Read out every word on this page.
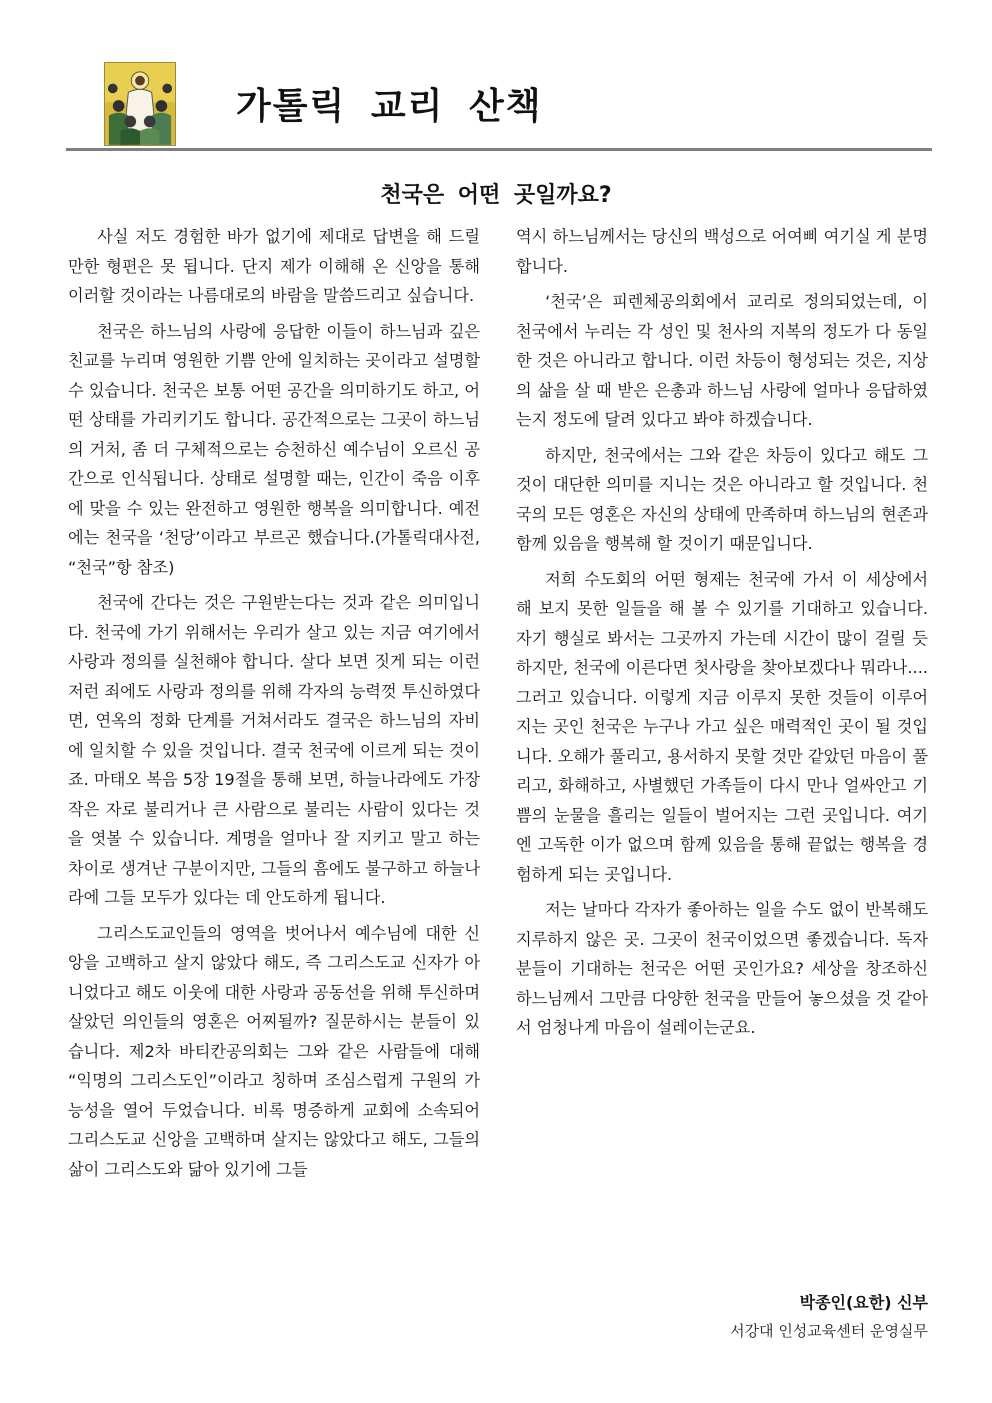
가톨릭 교리 산책
천국은 어떤 곳일까요?

사실 저도 경험한 바가 없기에 제대로 답변을 해 드릴 만한 형편은 못 됩니다. 단지 제가 이해해 온 신앙을 통해 이러할 것이라는 나름대로의 바람을 말씀드리고 싶습니다.

천국은 하느님의 사랑에 응답한 이들이 하느님과 깊은 친교를 누리며 영원한 기쁨 안에 일치하는 곳이라고 설명할 수 있습니다. 천국은 보통 어떤 공간을 의미하기도 하고, 어떤 상태를 가리키기도 합니다. 공간적으로는 그곳이 하느님의 거처, 좀 더 구체적으로는 승천하신 예수님이 오르신 공간으로 인식됩니다. 상태로 설명할 때는, 인간이 죽음 이후에 맞을 수 있는 완전하고 영원한 행복을 의미합니다. 예전에는 천국을 ‘천당’이라고 부르곤 했습니다.(가톨릭대사전, “천국”항 참조)

천국에 간다는 것은 구원받는다는 것과 같은 의미입니다. 천국에 가기 위해서는 우리가 살고 있는 지금 여기에서 사랑과 정의를 실천해야 합니다. 살다 보면 짓게 되는 이런저런 죄에도 사랑과 정의를 위해 각자의 능력껏 투신하였다면, 연옥의 정화 단계를 거쳐서라도 결국은 하느님의 자비에 일치할 수 있을 것입니다. 결국 천국에 이르게 되는 것이죠. 마태오 복음 5장 19절을 통해 보면, 하늘나라에도 가장 작은 자로 불리거나 큰 사람으로 불리는 사람이 있다는 것을 엿볼 수 있습니다. 계명을 얼마나 잘 지키고 말고 하는 차이로 생겨난 구분이지만, 그들의 흠에도 불구하고 하늘나라에 그들 모두가 있다는 데 안도하게 됩니다.

그리스도교인들의 영역을 벗어나서 예수님에 대한 신앙을 고백하고 살지 않았다 해도, 즉 그리스도교 신자가 아니었다고 해도 이웃에 대한 사랑과 공동선을 위해 투신하며 살았던 의인들의 영혼은 어찌될까? 질문하시는 분들이 있습니다. 제2차 바티칸공의회는 그와 같은 사람들에 대해 “익명의 그리스도인”이라고 칭하며 조심스럽게 구원의 가능성을 열어 두었습니다. 비록 명증하게 교회에 소속되어 그리스도교 신앙을 고백하며 살지는 않았다고 해도, 그들의 삶이 그리스도와 닮아 있기에 그들

역시 하느님께서는 당신의 백성으로 어여삐 여기실 게 분명합니다.

‘천국’은 피렌체공의회에서 교리로 정의되었는데, 이 천국에서 누리는 각 성인 및 천사의 지복의 정도가 다 동일한 것은 아니라고 합니다. 이런 차등이 형성되는 것은, 지상의 삶을 살 때 받은 은총과 하느님 사랑에 얼마나 응답하였는지 정도에 달려 있다고 봐야 하겠습니다.

하지만, 천국에서는 그와 같은 차등이 있다고 해도 그것이 대단한 의미를 지니는 것은 아니라고 할 것입니다. 천국의 모든 영혼은 자신의 상태에 만족하며 하느님의 현존과 함께 있음을 행복해 할 것이기 때문입니다.

저희 수도회의 어떤 형제는 천국에 가서 이 세상에서 해 보지 못한 일들을 해 볼 수 있기를 기대하고 있습니다. 자기 행실로 봐서는 그곳까지 가는데 시간이 많이 걸릴 듯하지만, 천국에 이른다면 첫사랑을 찾아보겠다나 뭐라나.... 그러고 있습니다. 이렇게 지금 이루지 못한 것들이 이루어지는 곳인 천국은 누구나 가고 싶은 매력적인 곳이 될 것입니다. 오해가 풀리고, 용서하지 못할 것만 같았던 마음이 풀리고, 화해하고, 사별했던 가족들이 다시 만나 얼싸안고 기쁨의 눈물을 흘리는 일들이 벌어지는 그런 곳입니다. 여기엔 고독한 이가 없으며 함께 있음을 통해 끝없는 행복을 경험하게 되는 곳입니다.

저는 날마다 각자가 좋아하는 일을 수도 없이 반복해도 지루하지 않은 곳. 그곳이 천국이었으면 좋겠습니다. 독자분들이 기대하는 천국은 어떤 곳인가요? 세상을 창조하신 하느님께서 그만큼 다양한 천국을 만들어 놓으셨을 것 같아서 엄청나게 마음이 설레이는군요.

박종인(요한) 신부
서강대 인성교육센터 운영실무
